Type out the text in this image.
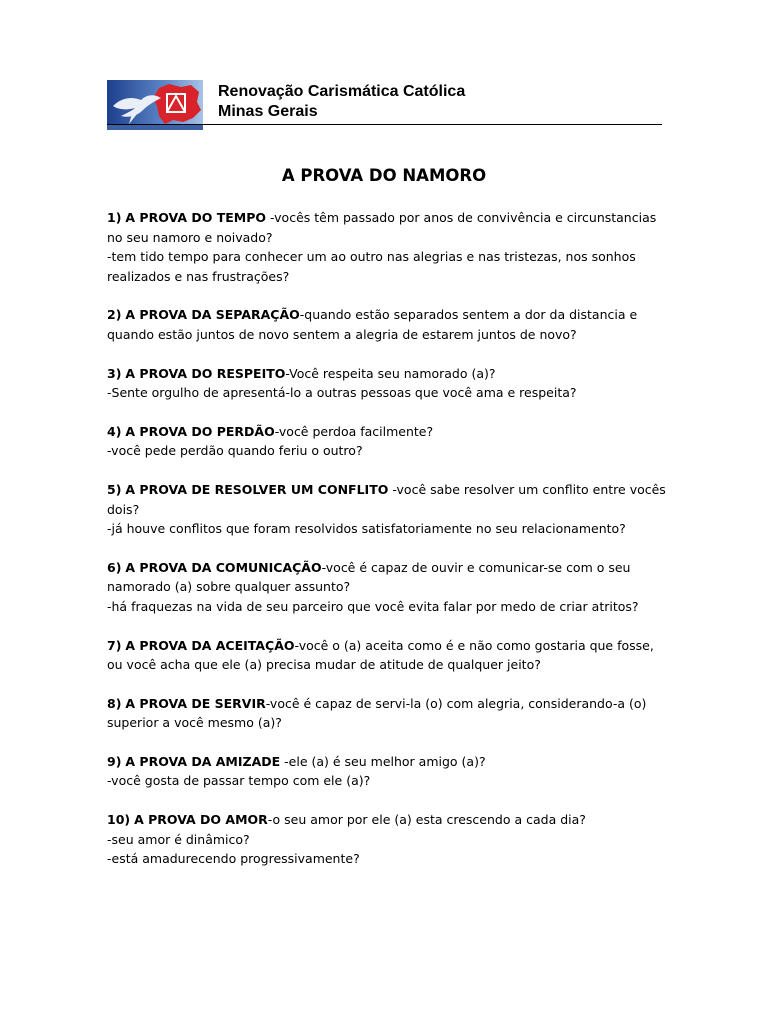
Renovação Carismática Católica
Minas Gerais
A PROVA DO NAMORO

1) A PROVA DO TEMPO -vocês têm passado por anos de convivência e circunstancias no seu namoro e noivado?

-tem tido tempo para conhecer um ao outro nas alegrias e nas tristezas, nos sonhos realizados e nas frustrações?

2) A PROVA DA SEPARAÇÃO-quando estão separados sentem a dor da distancia e quando estão juntos de novo sentem a alegria de estarem juntos de novo?

3) A PROVA DO RESPEITO-Você respeita seu namorado (a)?

-Sente orgulho de apresentá-lo a outras pessoas que você ama e respeita?

4) A PROVA DO PERDÃO-você perdoa facilmente?

-você pede perdão quando feriu o outro?

5) A PROVA DE RESOLVER UM CONFLITO -você sabe resolver um conflito entre vocês dois?

-já houve conflitos que foram resolvidos satisfatoriamente no seu relacionamento?

6) A PROVA DA COMUNICAÇÃO-você é capaz de ouvir e comunicar-se com o seu namorado (a) sobre qualquer assunto?

-há fraquezas na vida de seu parceiro que você evita falar por medo de criar atritos?

7) A PROVA DA ACEITAÇÃO-você o (a) aceita como é e não como gostaria que fosse, ou você acha que ele (a) precisa mudar de atitude de qualquer jeito?

8) A PROVA DE SERVIR-você é capaz de servi-la (o) com alegria, considerando-a (o) superior a você mesmo (a)?

9) A PROVA DA AMIZADE -ele (a) é seu melhor amigo (a)?

-você gosta de passar tempo com ele (a)?

10) A PROVA DO AMOR-o seu amor por ele (a) esta crescendo a cada dia?

-seu amor é dinâmico?

-está amadurecendo progressivamente?
